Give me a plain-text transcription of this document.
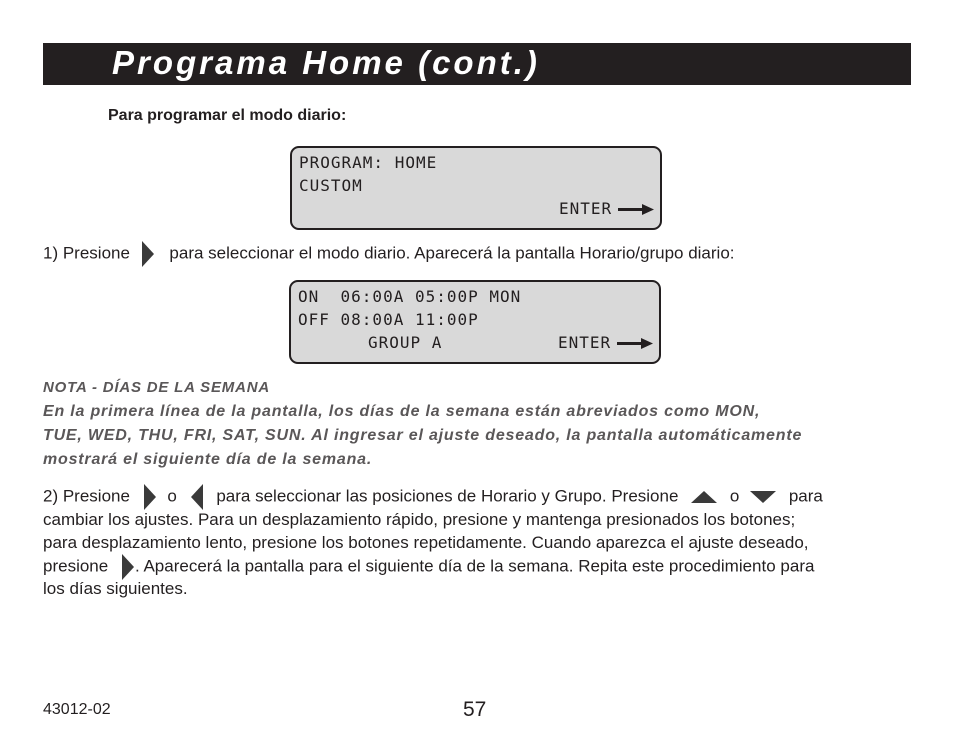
Programa Home (cont.)
Para programar el modo diario:
PROGRAM: HOME
CUSTOM
ENTER
1) Presione para seleccionar el modo diario. Aparecerá la pantalla Horario/grupo diario:
ON  06:00A 05:00P MON
OFF 08:00A 11:00P
GROUP A	ENTER
NOTA - DÍAS DE LA SEMANA
En la primera línea de la pantalla, los días de la semana están abreviados como MON,
TUE, WED, THU, FRI, SAT, SUN. Al ingresar el ajuste deseado, la pantalla automáticamente
mostrará el siguiente día de la semana.
2) Presione o para seleccionar las posiciones de Horario y Grupo. Presione	o	para
cambiar los ajustes. Para un desplazamiento rápido, presione y mantenga presionados los botones;
para desplazamiento lento, presione los botones repetidamente. Cuando aparezca el ajuste deseado,
presione . Aparecerá la pantalla para el siguiente día de la semana. Repita este procedimiento para
los días siguientes.
43012-02	57
